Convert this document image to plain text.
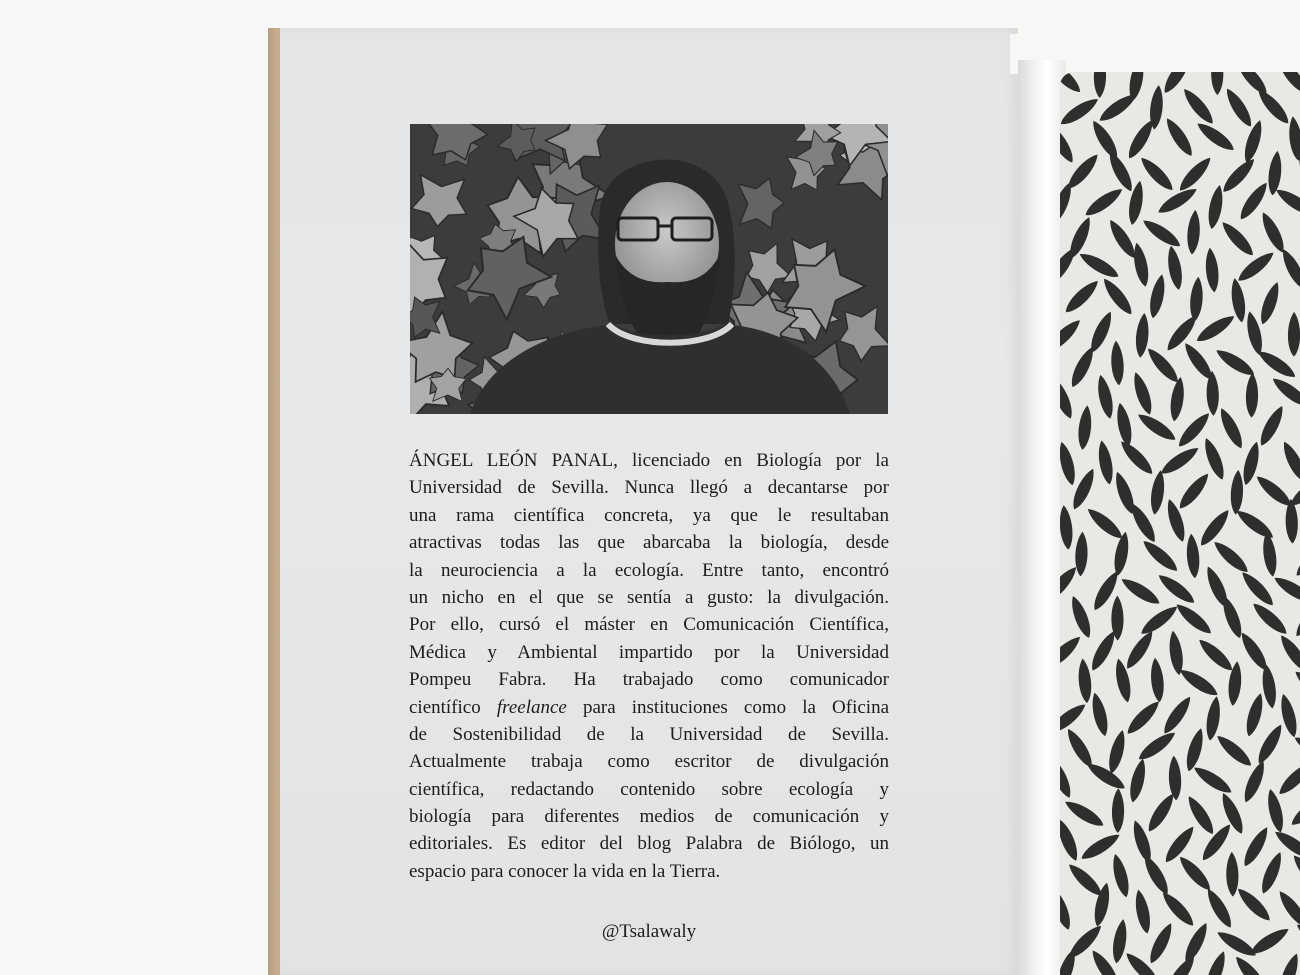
ÁNGEL LEÓN PANAL, licenciado en Biología por la
Universidad de Sevilla. Nunca llegó a decantarse por
una rama científica concreta, ya que le resultaban
atractivas todas las que abarcaba la biología, desde
la neurociencia a la ecología. Entre tanto, encontró
un nicho en el que se sentía a gusto: la divulgación.
Por ello, cursó el máster en Comunicación Científica,
Médica y Ambiental impartido por la Universidad
Pompeu Fabra. Ha trabajado como comunicador
científico freelance para instituciones como la Oficina
de Sostenibilidad de la Universidad de Sevilla.
Actualmente trabaja como escritor de divulgación
científica, redactando contenido sobre ecología y
biología para diferentes medios de comunicación y
editoriales. Es editor del blog Palabra de Biólogo, un
espacio para conocer la vida en la Tierra.
@Tsalawaly
